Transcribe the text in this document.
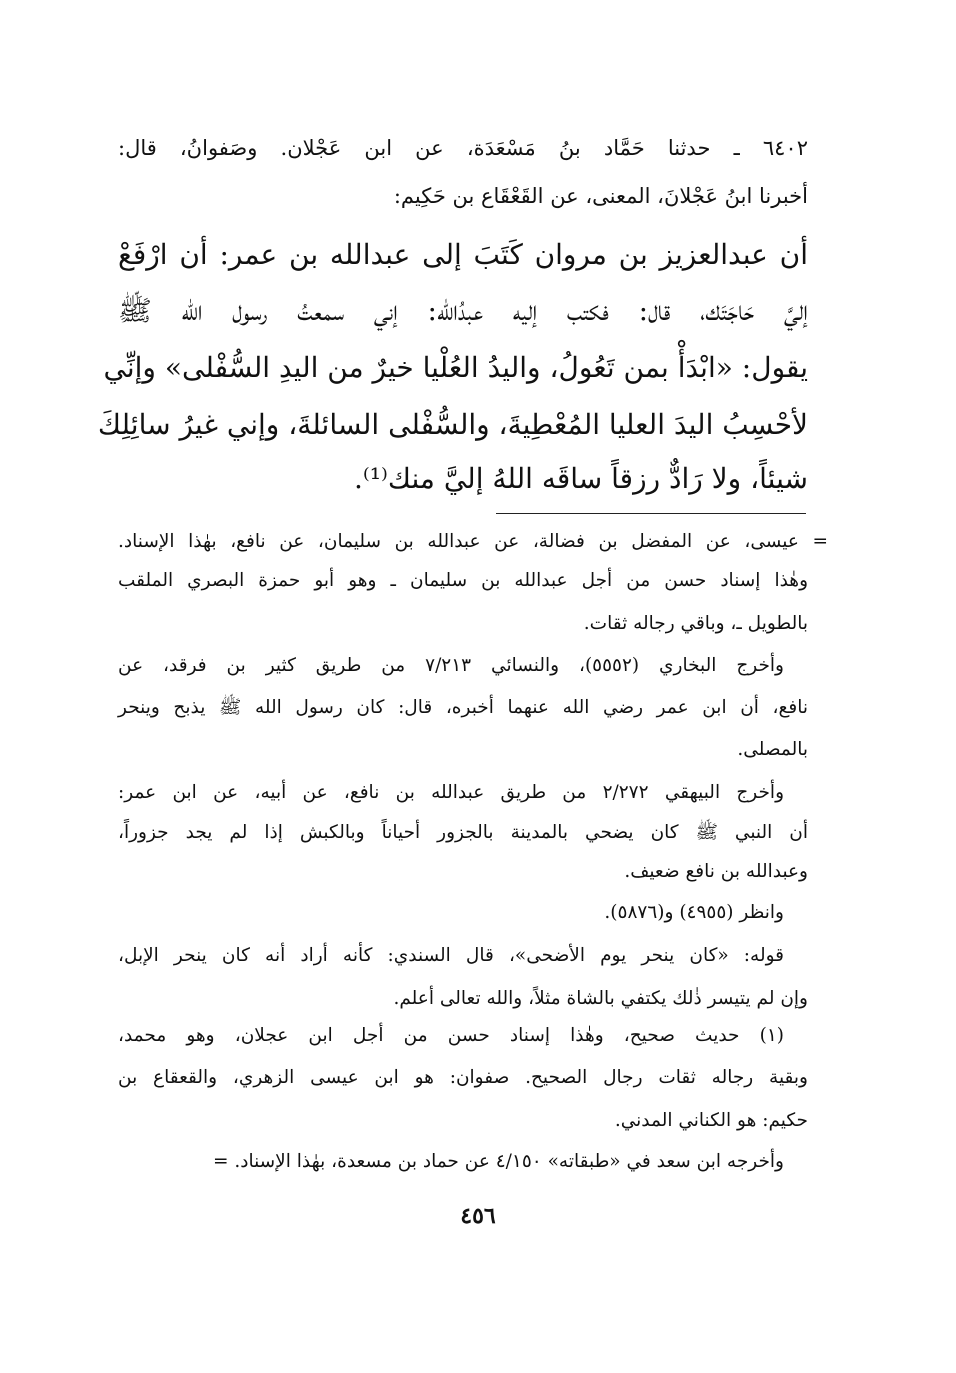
٦٤٠٢ ـ حدثنا حَمَّاد بنُ مَسْعَدَة، عن ابن عَجْلان. وصَفوانُ، قال:
أخبرنا ابنُ عَجْلانَ، المعنى، عن القَعْقَاع بن حَكِيم:
أن عبدالعزيز بن مروان كَتَبَ إلى عبدالله بن عمر: أن ارْفَعْ
إليَّ حَاجَتَك، قال: فكتب إليه عبدُالله: إني سمعتُ رسول الله ﷺ
يقول: «ابْدَأْ بمن تَعُولُ، واليدُ العُلْيا خيرٌ من اليدِ السُّفْلى» وإنِّي
لأحْسِبُ اليدَ العليا المُعْطِيةَ، والسُّفْلى السائلةَ، وإني غيرُ سائِلِكَ
شيئاً، ولا رَادٌّ رزقاً ساقَه اللهُ إليَّ منك⁽¹⁾.
= عيسى، عن المفضل بن فضالة، عن عبدالله بن سليمان، عن نافع، بهٰذا الإسناد.
وهٰذا إسناد حسن من أجل عبدالله بن سليمان ـ وهو أبو حمزة البصري الملقب
بالطويل ـ، وباقي رجاله ثقات.
وأخرج البخاري (٥٥٥٢)، والنسائي ٧/٢١٣ من طريق كثير بن فرقد، عن
نافع، أن ابن عمر رضي الله عنهما أخبره، قال: كان رسول الله ﷺ يذبح وينحر
بالمصلى.
وأخرج البيهقي ٢/٢٧٢ من طريق عبدالله بن نافع، عن أبيه، عن ابن عمر:
أن النبي ﷺ كان يضحي بالمدينة بالجزور أحياناً وبالكبش إذا لم يجد جزوراً،
وعبدالله بن نافع ضعيف.
وانظر (٤٩٥٥) و(٥٨٧٦).
قوله: «كان ينحر يوم الأضحى»، قال السندي: كأنه أراد أنه كان ينحر الإبل،
وإن لم يتيسر ذٰلك يكتفي بالشاة مثلاً، والله تعالى أعلم.
(١) حديث صحيح، وهٰذا إسناد حسن من أجل ابن عجلان، وهو محمد،
وبقية رجاله ثقات رجال الصحيح. صفوان: هو ابن عيسى الزهري، والقعقاع بن
حكيم: هو الكناني المدني.
وأخرجه ابن سعد في «طبقاته» ٤/١٥٠ عن حماد بن مسعدة، بهٰذا الإسناد. =
٤٥٦
